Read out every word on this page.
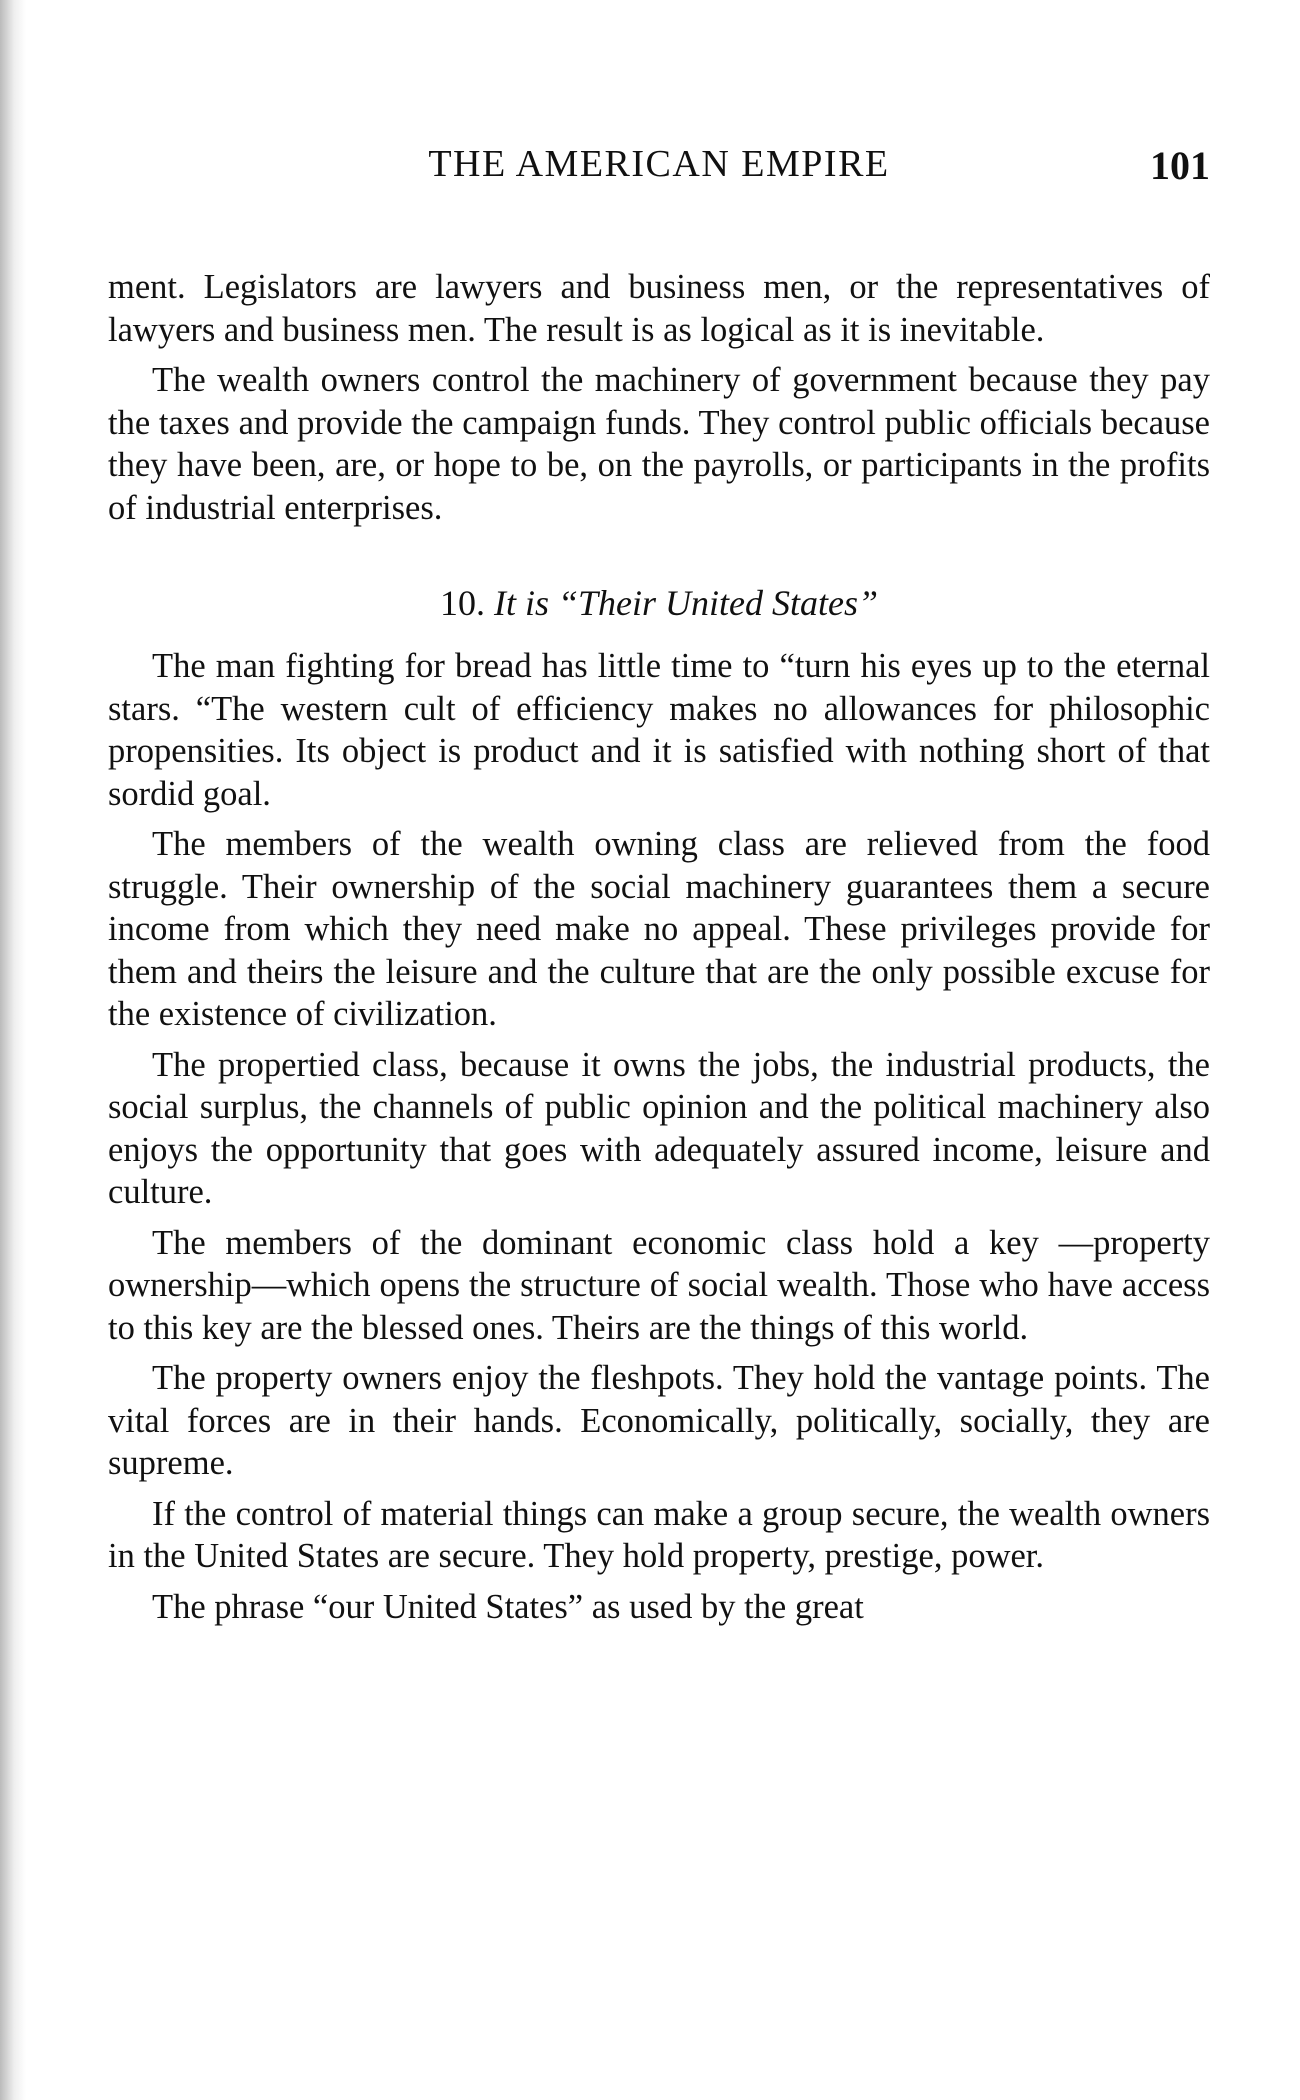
THE AMERICAN EMPIRE	101

ment. Legislators are lawyers and business men, or the representatives of lawyers and business men. The result is as logical as it is inevitable.

The wealth owners control the machinery of government because they pay the taxes and provide the campaign funds. They control public officials because they have been, are, or hope to be, on the payrolls, or participants in the profits of industrial enterprises.

10. It is “Their United States”

The man fighting for bread has little time to “turn his eyes up to the eternal stars. “The western cult of efficiency makes no allowances for philosophic propensities. Its object is product and it is satisfied with nothing short of that sordid goal.

The members of the wealth owning class are relieved from the food struggle. Their ownership of the social machinery guarantees them a secure income from which they need make no appeal. These privileges provide for them and theirs the leisure and the culture that are the only possible excuse for the existence of civilization.

The propertied class, because it owns the jobs, the industrial products, the social surplus, the channels of public opinion and the political machinery also enjoys the opportunity that goes with adequately assured income, leisure and culture.

The members of the dominant economic class hold a key —property ownership—which opens the structure of social wealth. Those who have access to this key are the blessed ones. Theirs are the things of this world.

The property owners enjoy the fleshpots. They hold the vantage points. The vital forces are in their hands. Economically, politically, socially, they are supreme.

If the control of material things can make a group secure, the wealth owners in the United States are secure. They hold property, prestige, power.

The phrase “our United States” as used by the great
